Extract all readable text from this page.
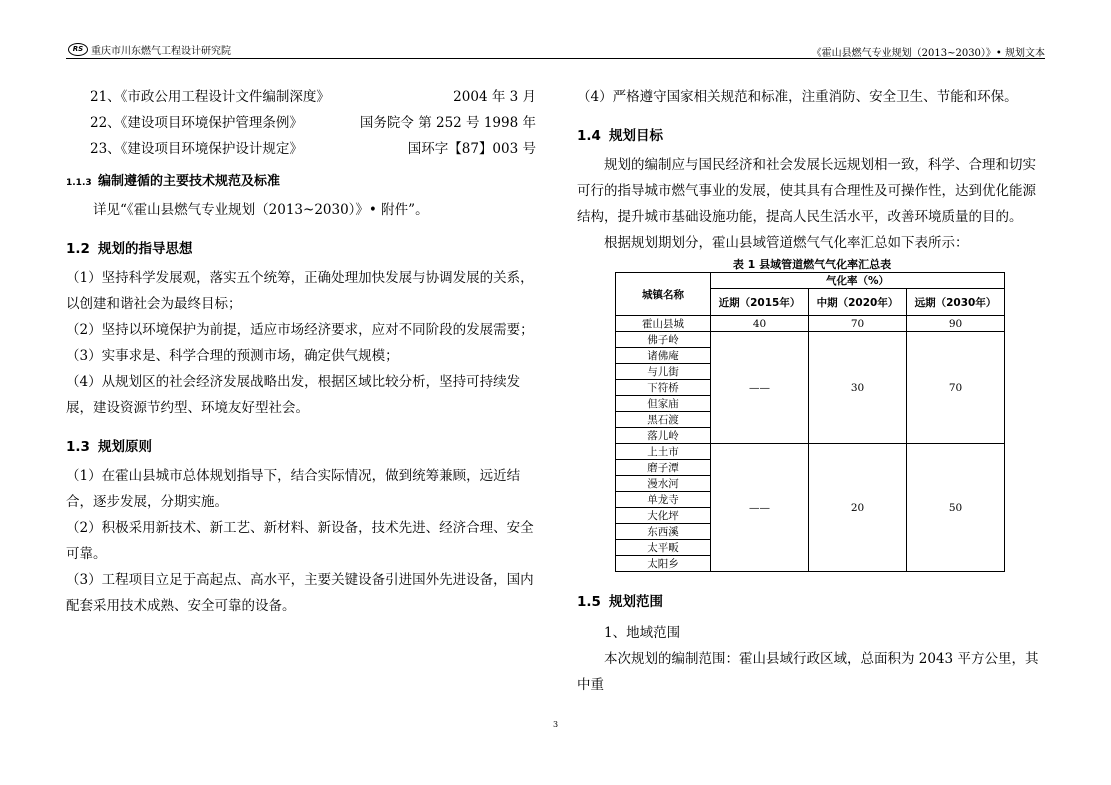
RS 重庆市川东燃气工程设计研究院	《霍山县燃气专业规划（2013~2030）》• 规划文本

21、《市政公用工程设计文件编制深度》	2004 年 3 月

22、《建设项目环境保护管理条例》	国务院令 第 252 号 1998 年

23、《建设项目环境保护设计规定》	国环字【87】003 号

1.1.3 编制遵循的主要技术规范及标准

详见“《霍山县燃气专业规划（2013~2030）》• 附件”。

1.2 规划的指导思想

（1）坚持科学发展观，落实五个统筹，正确处理加快发展与协调发展的关系，以创建和谐社会为最终目标；

（2）坚持以环境保护为前提，适应市场经济要求，应对不同阶段的发展需要；

（3）实事求是、科学合理的预测市场，确定供气规模；

（4）从规划区的社会经济发展战略出发，根据区域比较分析，坚持可持续发展，建设资源节约型、环境友好型社会。

1.3 规划原则

（1）在霍山县城市总体规划指导下，结合实际情况，做到统筹兼顾，远近结合，逐步发展，分期实施。

（2）积极采用新技术、新工艺、新材料、新设备，技术先进、经济合理、安全可靠。

（3）工程项目立足于高起点、高水平，主要关键设备引进国外先进设备，国内配套采用技术成熟、安全可靠的设备。

（4）严格遵守国家相关规范和标准，注重消防、安全卫生、节能和环保。

1.4 规划目标

规划的编制应与国民经济和社会发展长远规划相一致，科学、合理和切实可行的指导城市燃气事业的发展，使其具有合理性及可操作性，达到优化能源结构，提升城市基础设施功能，提高人民生活水平，改善环境质量的目的。

根据规划期划分，霍山县域管道燃气气化率汇总如下表所示：

表 1 县域管道燃气气化率汇总表

城镇名称	气化率（%）		
	近期（2015年）	中期（2020年）	远期（2030年）
霍山县城	40	70	90
佛子岭	——	30	70
诸佛庵			
与儿街			
下符桥			
但家庙			
黑石渡			
落儿岭			
上土市	——	20	50
磨子潭			
漫水河			
单龙寺			
大化坪			
东西溪			
太平畈			
太阳乡			

1.5 规划范围

1、地域范围

本次规划的编制范围：霍山县域行政区域，总面积为 2043 平方公里，其中重

3
